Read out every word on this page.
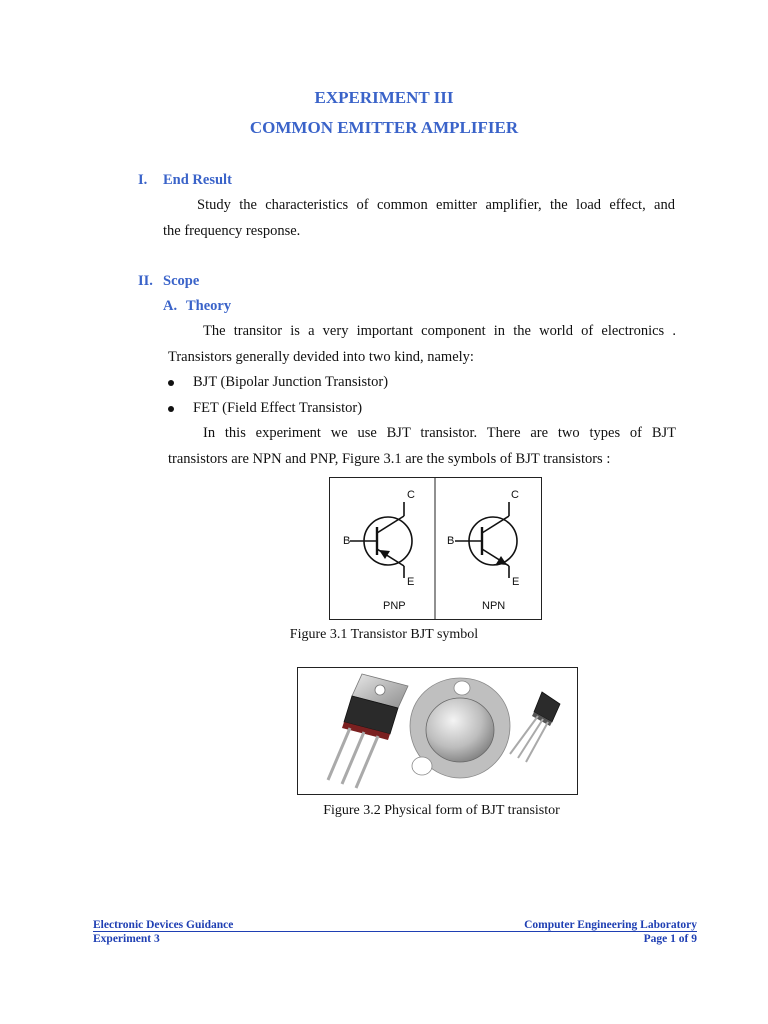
EXPERIMENT III
COMMON EMITTER AMPLIFIER
I. End Result
Study the characteristics of common emitter amplifier, the load effect, and
the frequency response.
II. Scope
A. Theory
The transitor is a very important component in the world of electronics .
Transistors generally devided into two kind, namely:
BJT (Bipolar Junction Transistor)
FET (Field Effect Transistor)
In this experiment we use BJT transistor. There are two types of BJT
transistors are NPN and PNP, Figure 3.1 are the symbols of BJT transistors :
C
B
E
PNP
C
B
E
NPN
Figure 3.1 Transistor BJT symbol
Figure 3.2 Physical form of BJT transistor
Electronic Devices Guidance	Computer Engineering Laboratory
Experiment 3	Page 1 of 9
